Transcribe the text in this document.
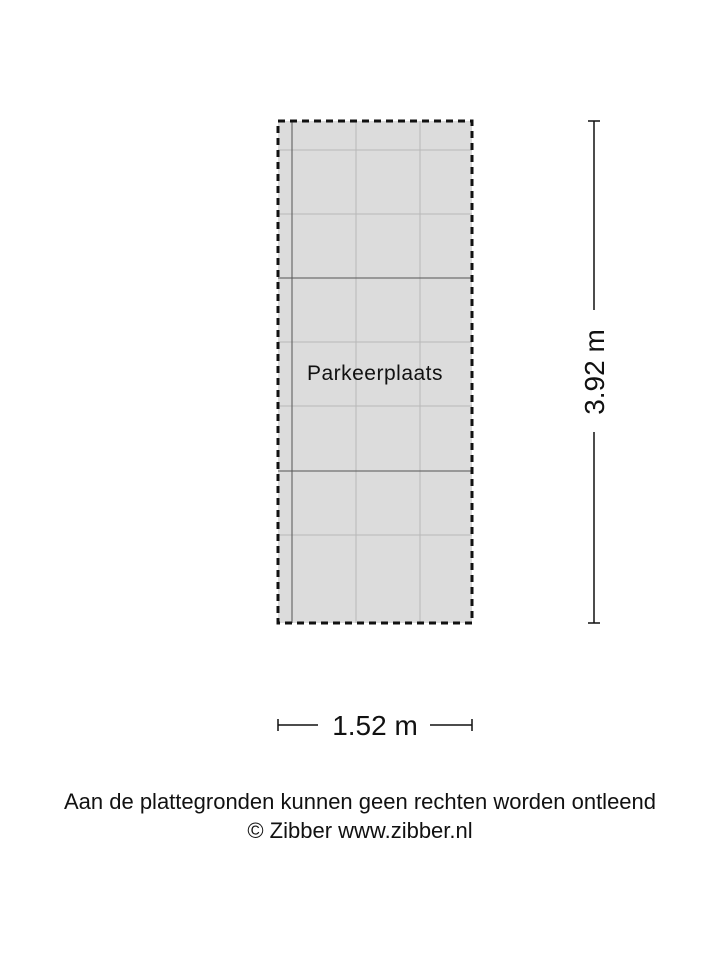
Parkeerplaats	3.92 m
1.52 m
Aan de plattegronden kunnen geen rechten worden ontleend
© Zibber www.zibber.nl
